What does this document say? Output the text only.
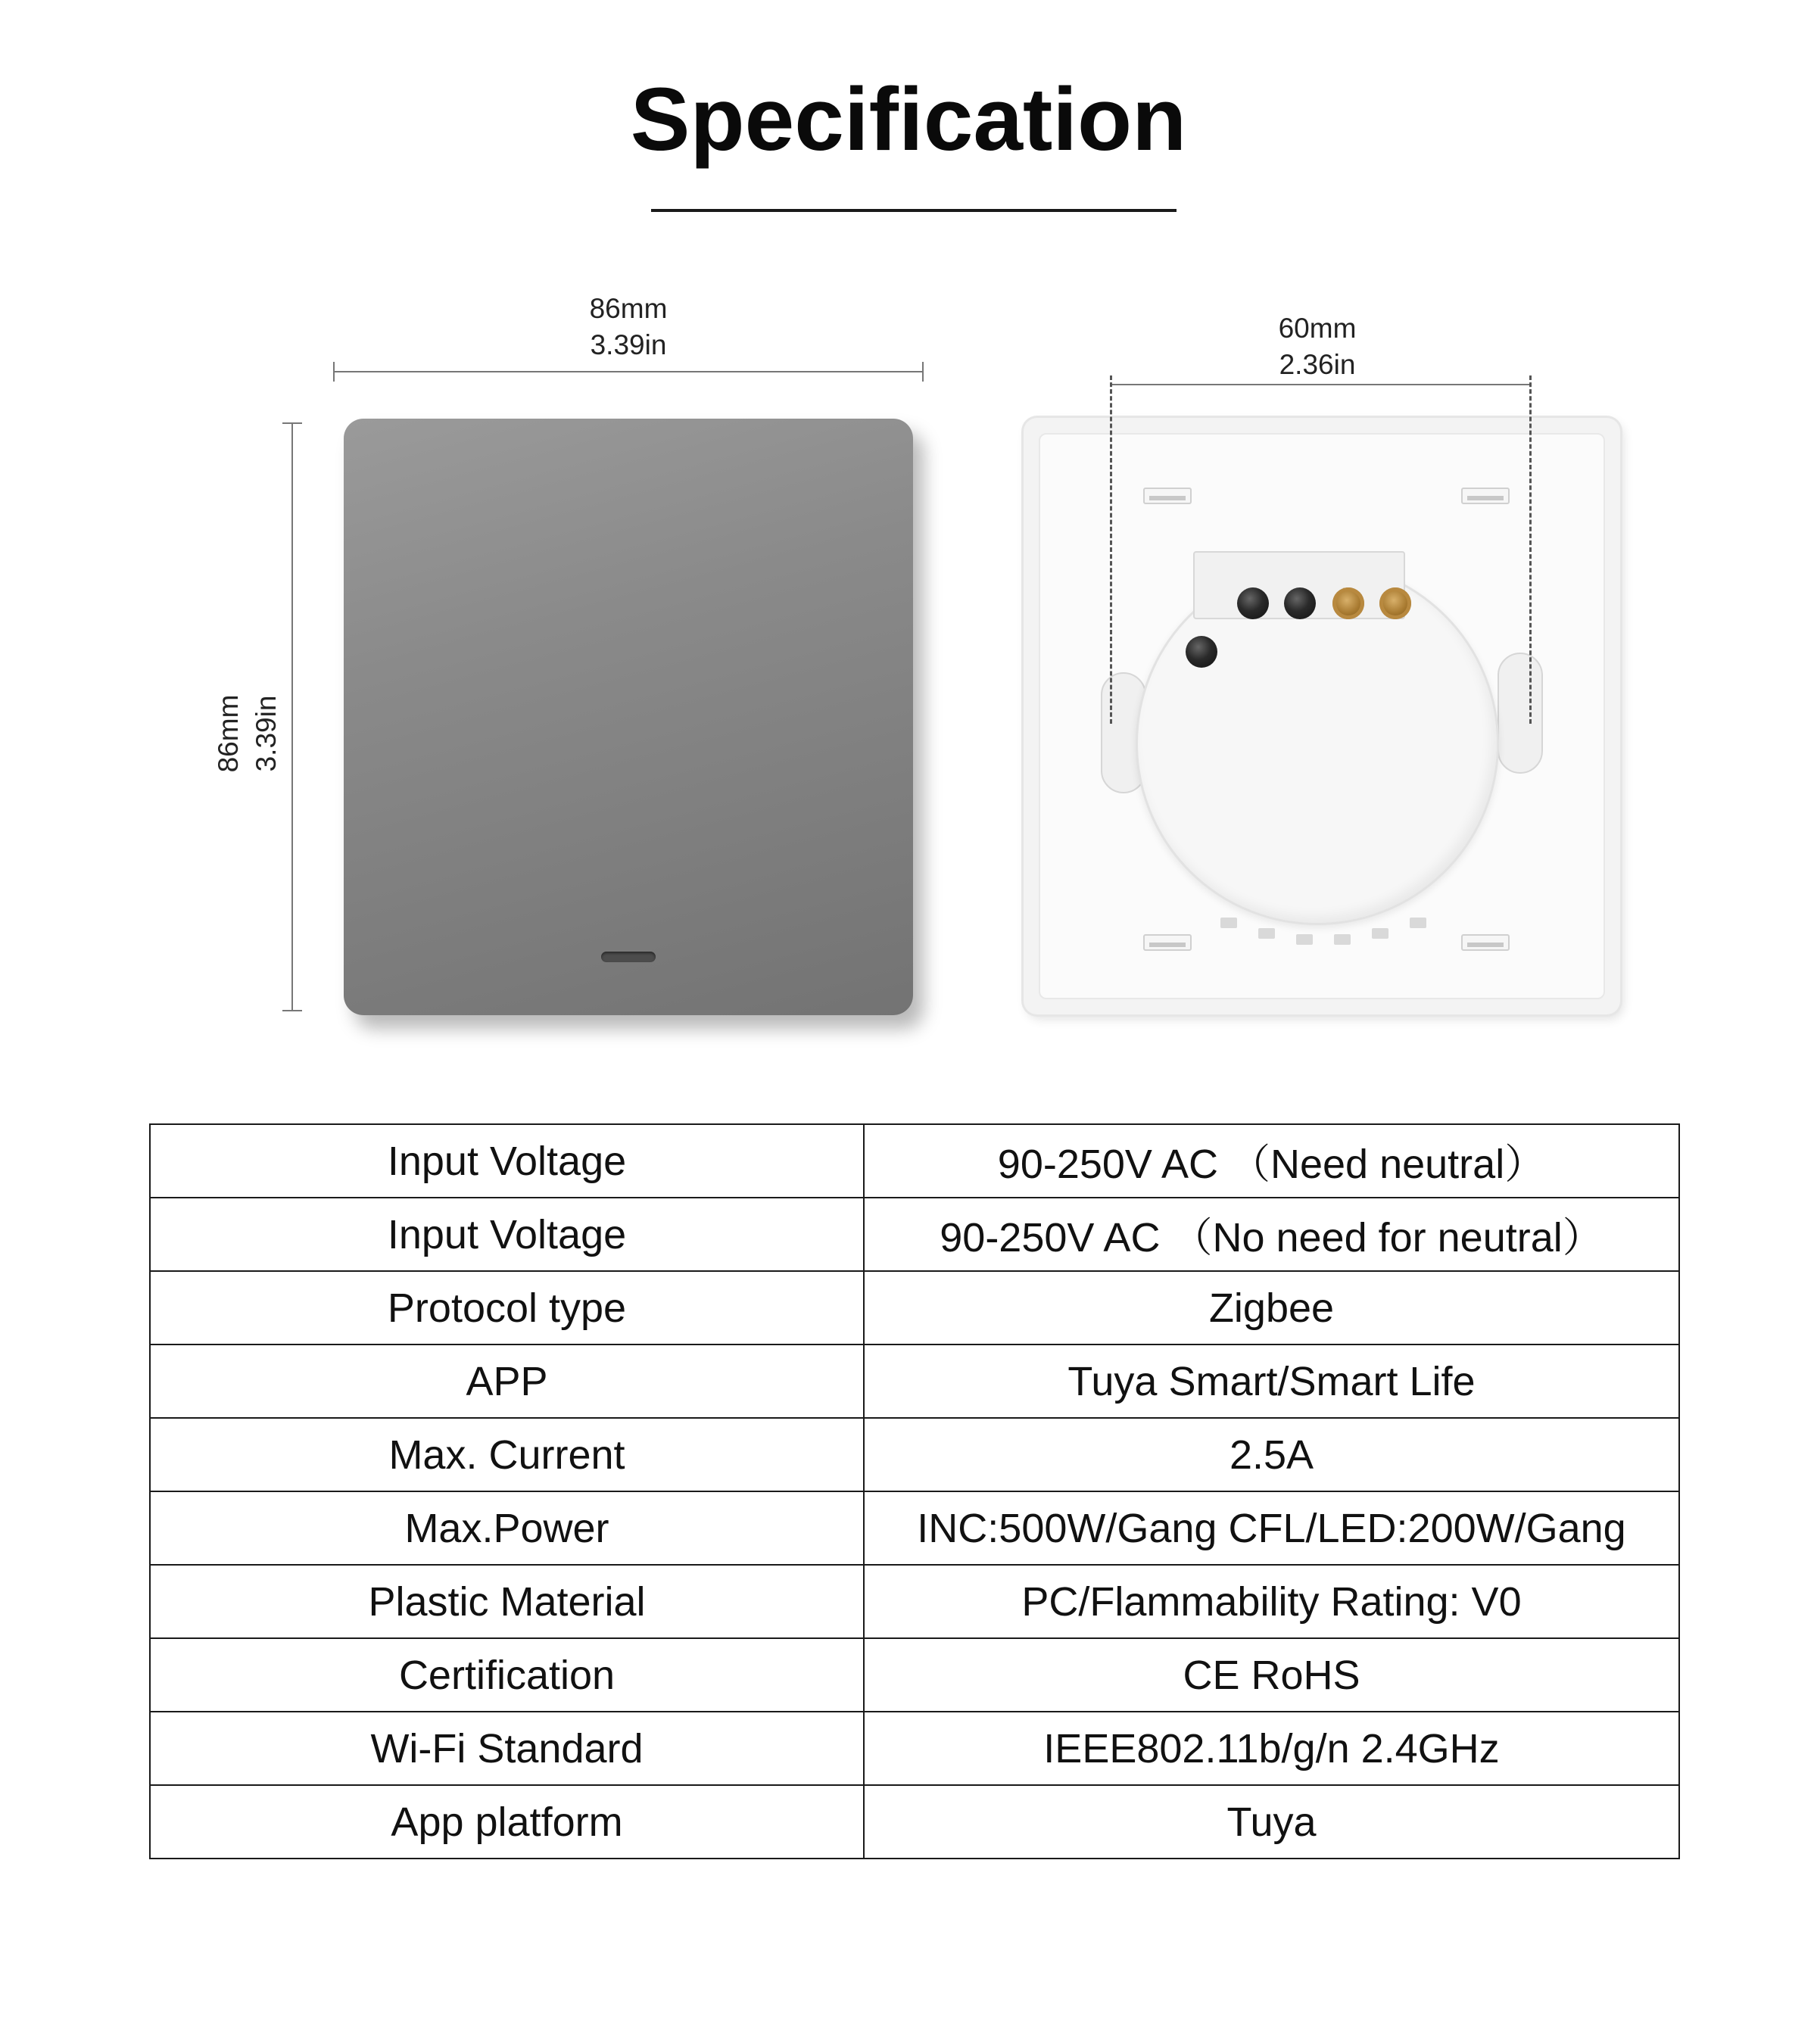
Specification
86mm
3.39in
86mm 3.39in
60mm
2.36in
Input Voltage	90-250V AC （Need neutral）
Input Voltage	90-250V AC （No need for neutral）
Protocol type	Zigbee
APP	Tuya Smart/Smart Life
Max. Current	2.5A
Max.Power	INC:500W/Gang CFL/LED:200W/Gang
Plastic Material	PC/Flammability Rating: V0
Certification	CE RoHS
Wi-Fi Standard	IEEE802.11b/g/n 2.4GHz
App platform	Tuya
